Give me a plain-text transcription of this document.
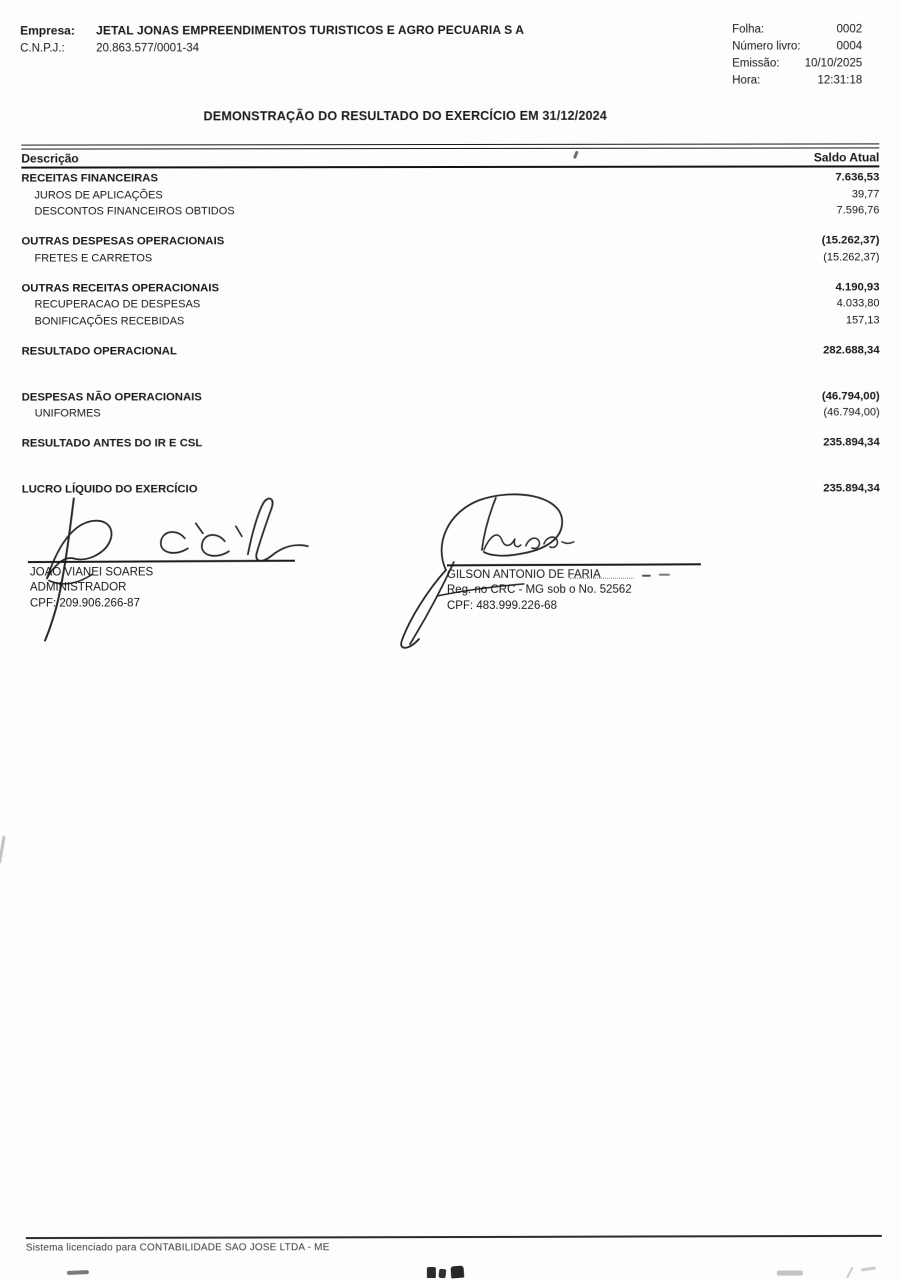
Empresa: JETAL JONAS EMPREENDIMENTOS TURISTICOS E AGRO PECUARIA S A
C.N.P.J.:	20.863.577/0001-34
Folha:	0002
Número livro:	0004
Emissão: 10/10/2025
Hora:	12:31:18
DEMONSTRAÇÃO DO RESULTADO DO EXERCÍCIO EM 31/12/2024
Descrição	Saldo Atual
RECEITAS FINANCEIRAS	7.636,53
JUROS DE APLICAÇÕES	39,77
DESCONTOS FINANCEIROS OBTIDOS	7.596,76
OUTRAS DESPESAS OPERACIONAIS	(15.262,37)
FRETES E CARRETOS	(15.262,37)
OUTRAS RECEITAS OPERACIONAIS	4.190,93
RECUPERACAO DE DESPESAS	4.033,80
BONIFICAÇÕES RECEBIDAS	157,13
RESULTADO OPERACIONAL	282.688,34
DESPESAS NÃO OPERACIONAIS	(46.794,00)
UNIFORMES	(46.794,00)
RESULTADO ANTES DO IR E CSL	235.894,34
LUCRO LÍQUIDO DO EXERCÍCIO	235.894,34
JOAO VIANEI SOARES
ADMINISTRADOR
CPF: 209.906.266-87
GILSON ANTONIO DE FARIA
Reg. no CRC - MG sob o No. 52562
CPF: 483.999.226-68
Sistema licenciado para CONTABILIDADE SAO JOSE LTDA - ME
